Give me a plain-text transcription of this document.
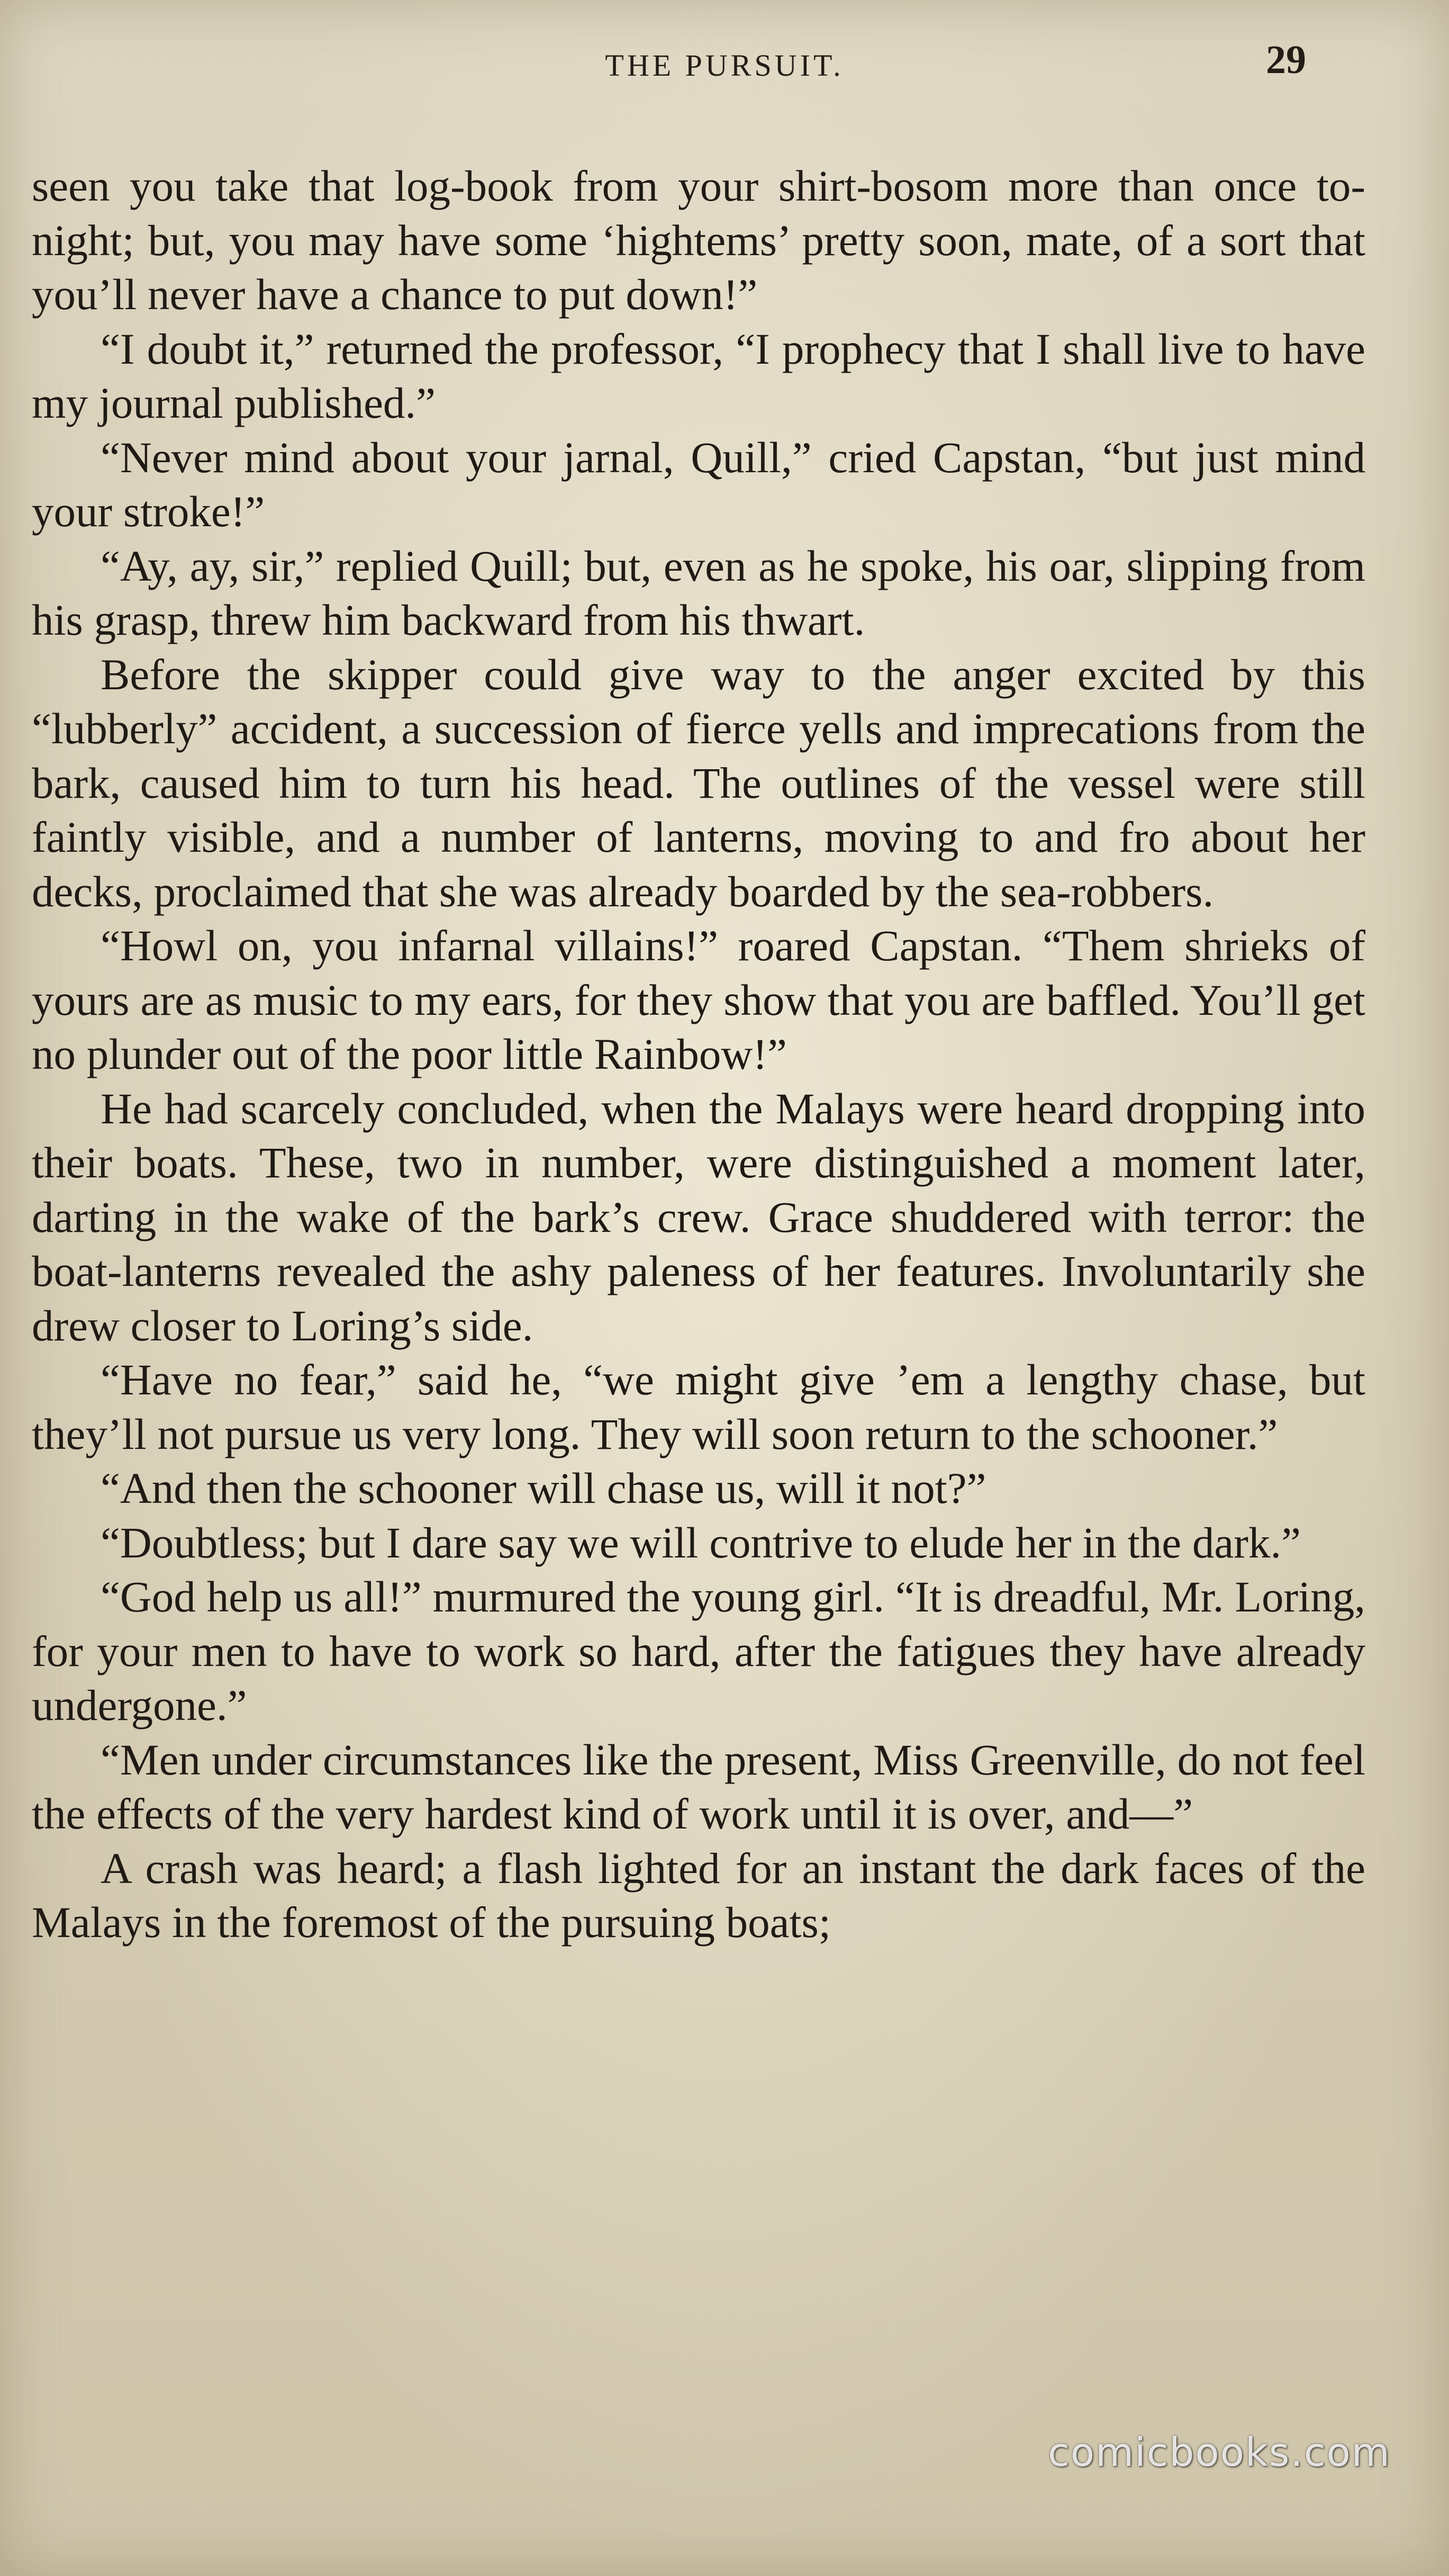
THE PURSUIT.	29

seen you take that log-book from your shirt-bosom more than once to-night; but, you may have some ‘hightems’ pretty soon, mate, of a sort that you’ll never have a chance to put down!”

“I doubt it,” returned the professor, “I prophecy that I shall live to have my journal published.”

“Never mind about your jarnal, Quill,” cried Capstan, “but just mind your stroke!”

“Ay, ay, sir,” replied Quill; but, even as he spoke, his oar, slipping from his grasp, threw him backward from his thwart.

Before the skipper could give way to the anger excited by this “lubberly” accident, a succession of fierce yells and imprecations from the bark, caused him to turn his head. The outlines of the vessel were still faintly visible, and a number of lanterns, moving to and fro about her decks, proclaimed that she was already boarded by the sea-robbers.

“Howl on, you infarnal villains!” roared Capstan. “Them shrieks of yours are as music to my ears, for they show that you are baffled. You’ll get no plunder out of the poor little Rainbow!”

He had scarcely concluded, when the Malays were heard dropping into their boats. These, two in number, were distinguished a moment later, darting in the wake of the bark’s crew. Grace shuddered with terror: the boat-lanterns revealed the ashy paleness of her features. Involuntarily she drew closer to Loring’s side.

“Have no fear,” said he, “we might give ’em a lengthy chase, but they’ll not pursue us very long. They will soon return to the schooner.”

“And then the schooner will chase us, will it not?”

“Doubtless; but I dare say we will contrive to elude her in the dark.”

“God help us all!” murmured the young girl. “It is dreadful, Mr. Loring, for your men to have to work so hard, after the fatigues they have already undergone.”

“Men under circumstances like the present, Miss Greenville, do not feel the effects of the very hardest kind of work until it is over, and—”

A crash was heard; a flash lighted for an instant the dark faces of the Malays in the foremost of the pursuing boats;

comicbooks.com
